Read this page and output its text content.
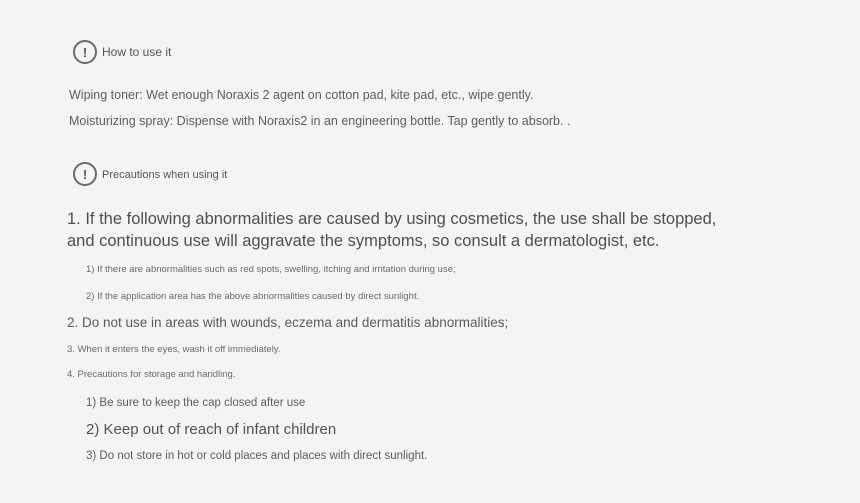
!	How to use it
Wiping toner: Wet enough Noraxis 2 agent on cotton pad, kite pad, etc., wipe gently.
Moisturizing spray: Dispense with Noraxis2 in an engineering bottle. Tap gently to absorb. .
!	Precautions when using it
1. If the following abnormalities are caused by using cosmetics, the use shall be stopped,
and continuous use will aggravate the symptoms, so consult a dermatologist, etc.
1) If there are abnormalities such as red spots, swelling, itching and irritation during use;
2) If the application area has the above abnormalities caused by direct sunlight.
2. Do not use in areas with wounds, eczema and dermatitis abnormalities;
3. When it enters the eyes, wash it off immediately.
4. Precautions for storage and handling.
1) Be sure to keep the cap closed after use
2) Keep out of reach of infant children
3) Do not store in hot or cold places and places with direct sunlight.
